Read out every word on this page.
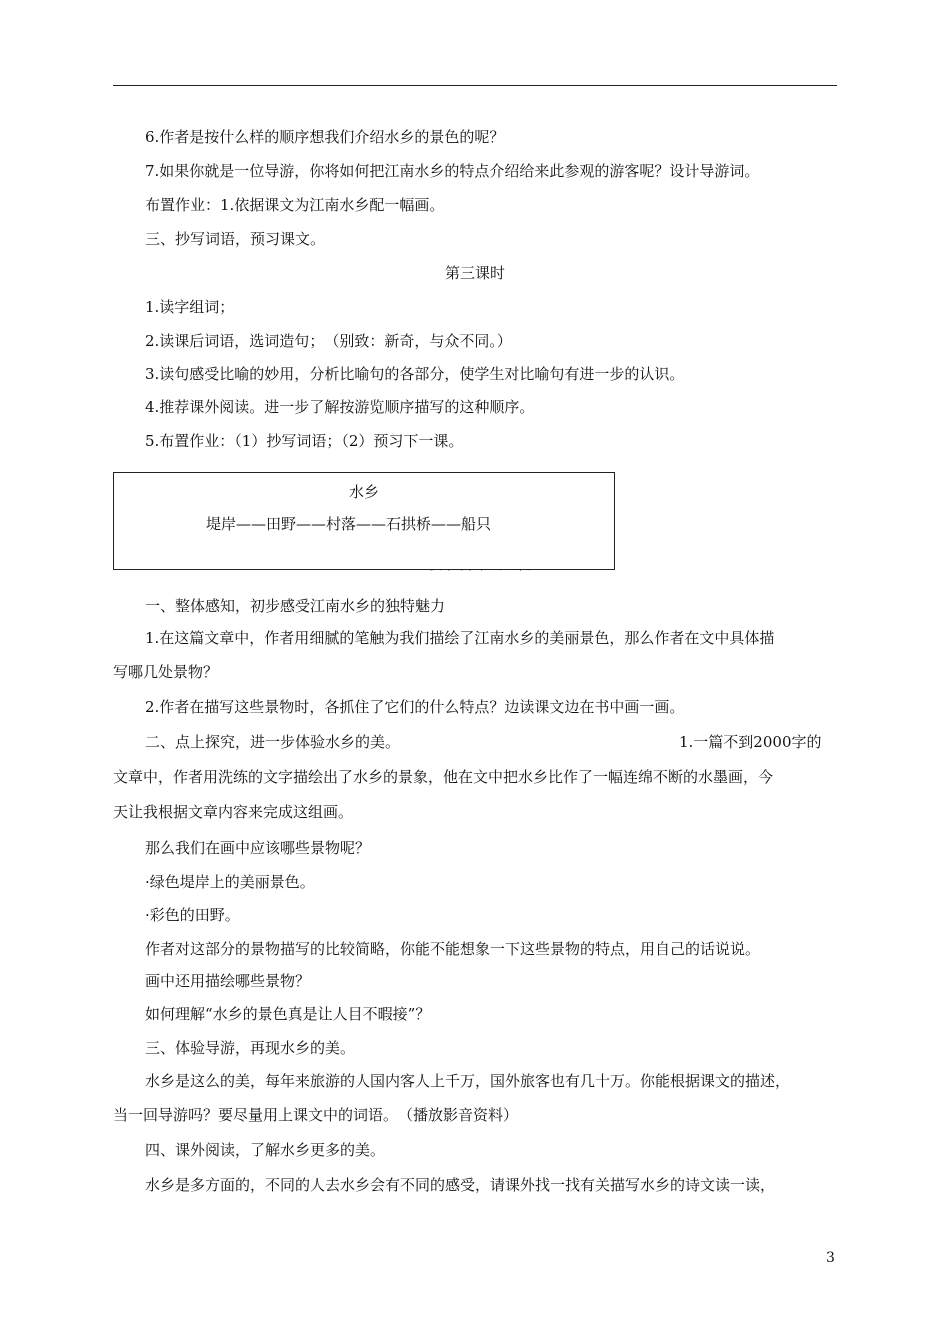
6.作者是按什么样的顺序想我们介绍水乡的景色的呢？
7.如果你就是一位导游，你将如何把江南水乡的特点介绍给来此参观的游客呢？设计导游词。
布置作业：1.依据课文为江南水乡配一幅画。
三、抄写词语，预习课文。
第三课时
1.读字组词；
2.读课后词语，选词造句；　（别致：新奇，与众不同。）
3.读句感受比喻的妙用，分析比喻句的各部分，使学生对比喻句有进一步的认识。
4.推荐课外阅读。进一步了解按游览顺序描写的这种顺序。
5.布置作业：（1）抄写词语；（2）预习下一课。
水乡
堤岸——田野——村落——石拱桥——船只
一、整体感知，初步感受江南水乡的独特魅力
1.在这篇文章中，作者用细腻的笔触为我们描绘了江南水乡的美丽景色，那么作者在文中具体描
写哪几处景物？
2.作者在描写这些景物时，各抓住了它们的什么特点？边读课文边在书中画一画。
二、点上探究，进一步体验水乡的美。	1.一篇不到2000字的
文章中，作者用洗练的文字描绘出了水乡的景象，他在文中把水乡比作了一幅连绵不断的水墨画，今
天让我根据文章内容来完成这组画。
那么我们在画中应该哪些景物呢？
·绿色堤岸上的美丽景色。
·彩色的田野。
作者对这部分的景物描写的比较简略，你能不能想象一下这些景物的特点，用自己的话说说。
画中还用描绘哪些景物？
如何理解“水乡的景色真是让人目不暇接”？
三、体验导游，再现水乡的美。
水乡是这么的美，每年来旅游的人国内客人上千万，国外旅客也有几十万。你能根据课文的描述，
当一回导游吗？要尽量用上课文中的词语。　（播放影音资料）
四、课外阅读，了解水乡更多的美。
水乡是多方面的，不同的人去水乡会有不同的感受，请课外找一找有关描写水乡的诗文读一读，
3
